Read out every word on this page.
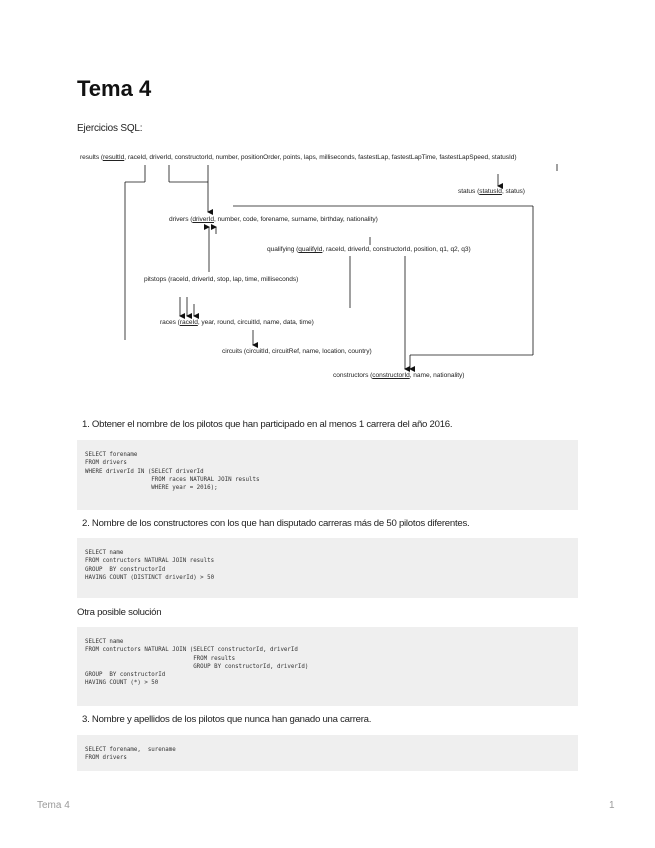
Tema 4
Ejercicios SQL:
results (resultId, raceId, driverId, constructorId, number, positionOrder, points, laps, milliseconds, fastestLap, fastestLapTime, fastestLapSpeed, statusId)
status (statusId, status)
drivers (driverId, number, code, forename, surname, birthday, nationality)
qualifying (qualifyId, raceId, driverId, constructorId, position, q1, q2, q3)
pitstops (raceId, driverId, stop, lap, time, milliseconds)
races (raceId, year, round, circuitId, name, data, time)
circuits (circuitId, circuitRef, name, location, country)
constructors (constructorId, name, nationality)
1. Obtener el nombre de los pilotos que han participado en al menos 1 carrera del año 2016.
SELECT forename
FROM drivers
WHERE driverId IN (SELECT driverId
FROM races NATURAL JOIN results
WHERE year = 2016);
2. Nombre de los constructores con los que han disputado carreras más de 50 pilotos diferentes.
SELECT name
FROM contructors NATURAL JOIN results
GROUP  BY constructorId
HAVING COUNT (DISTINCT driverId) > 50
Otra posible solución
SELECT name
FROM contructors NATURAL JOIN (SELECT constructorId, driverId
FROM results
GROUP BY constructorId, driverId)
GROUP  BY constructorId
HAVING COUNT (*) > 50
3. Nombre y apellidos de los pilotos que nunca han ganado una carrera.
SELECT forename,  surename
FROM drivers
Tema 4	1
